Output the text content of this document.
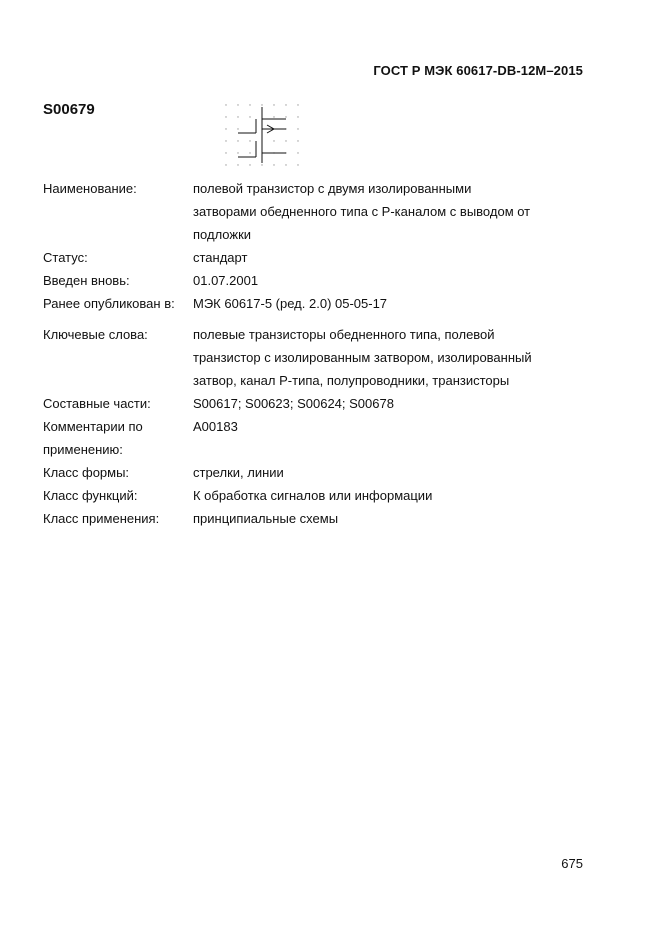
ГОСТ Р МЭК 60617-DB-12M–2015
S00679
Наименование:	полевой транзистор с двумя изолированными
затворами обедненного типа с Р-каналом с выводом от
подложки
Статус:	стандарт
Введен вновь:	01.07.2001
Ранее опубликован в:	МЭК 60617-5 (ред. 2.0) 05-05-17
Ключевые слова:	полевые транзисторы обедненного типа, полевой
транзистор с изолированным затвором, изолированный
затвор, канал Р-типа, полупроводники, транзисторы
Составные части:	S00617; S00623; S00624; S00678
Комментарии по
применению:
A00183
Класс формы:	стрелки, линии
Класс функций:	К обработка сигналов или информации
Класс применения:	принципиальные схемы
675
